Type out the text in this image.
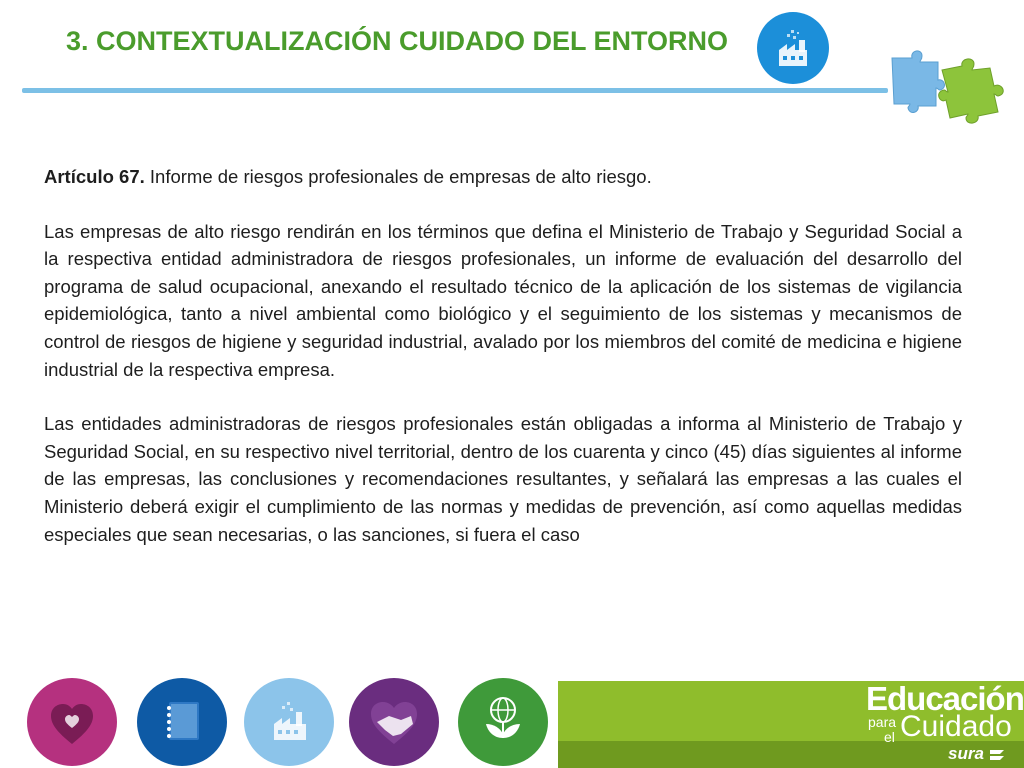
3. CONTEXTUALIZACIÓN CUIDADO DEL ENTORNO

Artículo 67. Informe de riesgos profesionales de empresas de alto riesgo.

Las empresas de alto riesgo rendirán en los términos que defina el Ministerio de Trabajo y Seguridad Social a la respectiva entidad administradora de riesgos profesionales, un informe de evaluación del desarrollo del programa de salud ocupacional, anexando el resultado técnico de la aplicación de los sistemas de vigilancia epidemiológica, tanto a nivel ambiental como biológico y el seguimiento de los sistemas y mecanismos de control de riesgos de higiene y seguridad industrial, avalado por los miembros del comité de medicina e higiene industrial de la respectiva empresa.

Las entidades administradoras de riesgos profesionales están obligadas a informa al Ministerio de Trabajo y Seguridad Social, en su respectivo nivel territorial, dentro de los cuarenta y cinco (45) días siguientes al informe de las empresas, las conclusiones y recomendaciones resultantes, y señalará las empresas a las cuales el Ministerio deberá exigir el cumplimiento de las normas y medidas de prevención, así como aquellas medidas especiales que sean necesarias, o las sanciones, si fuera el caso

Educación
para
el Cuidado
sura
